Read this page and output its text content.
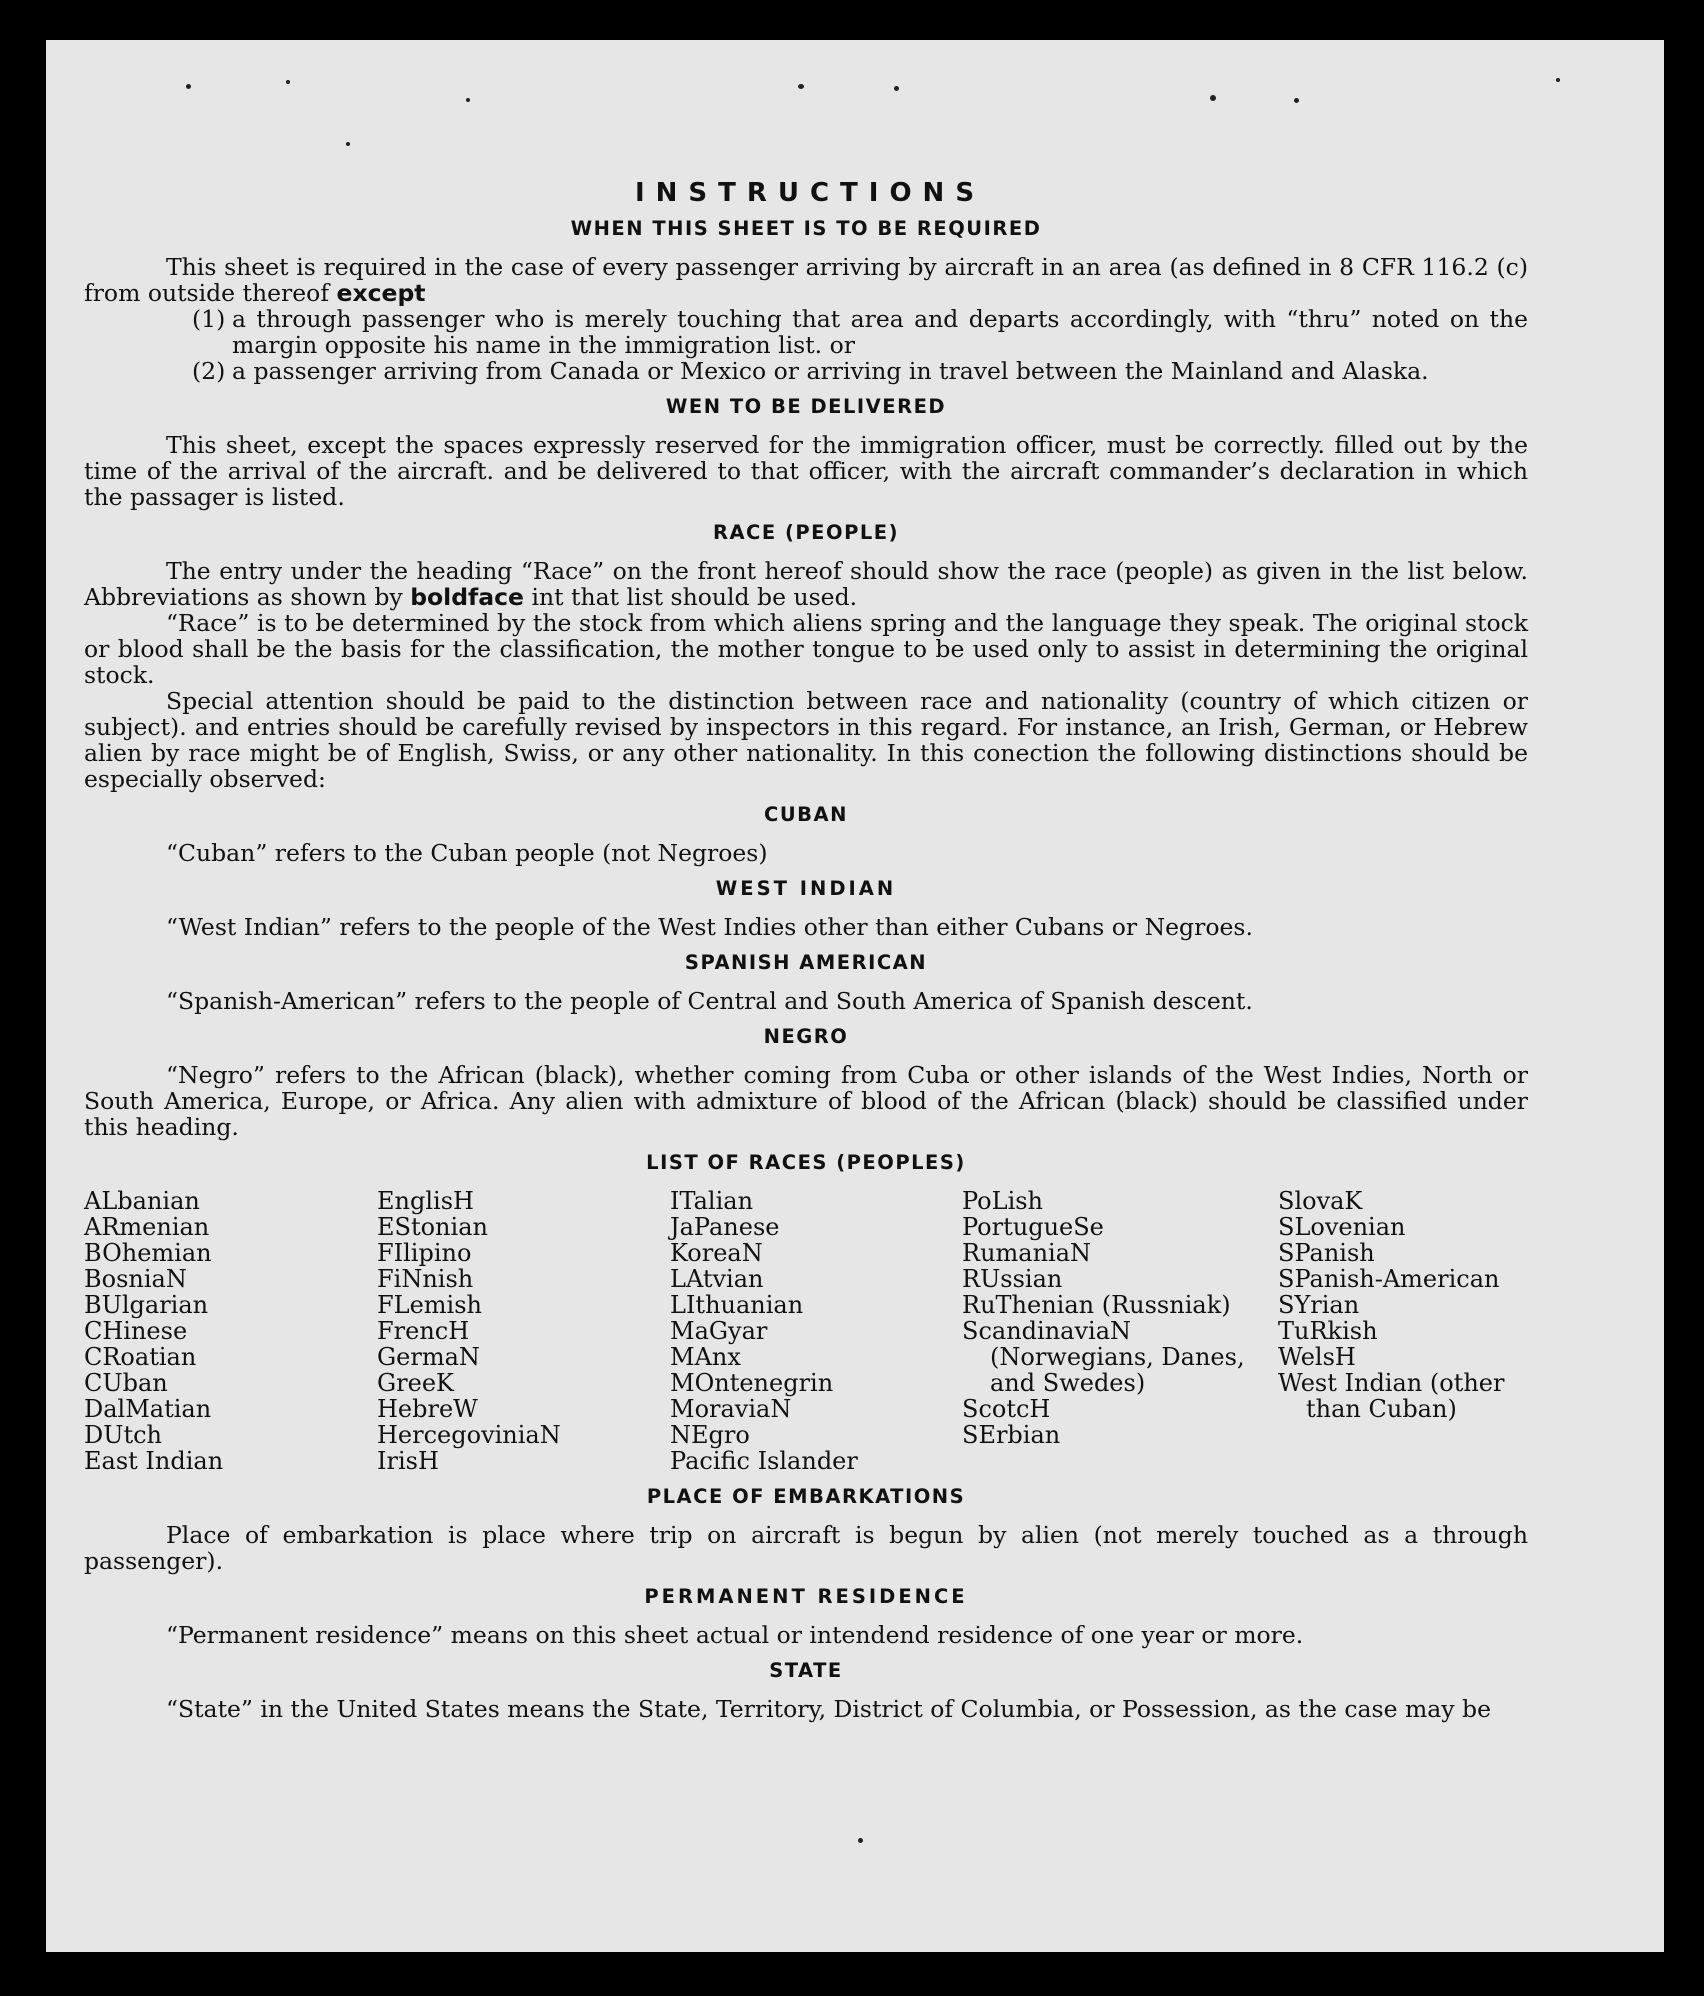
INSTRUCTIONS
WHEN THIS SHEET IS TO BE REQUIRED

This sheet is required in the case of every passenger arriving by aircraft in an area (as defined in 8 CFR 116.2 (c) from outside thereof except

(1) a through passenger who is merely touching that area and departs accordingly, with “thru” noted on the margin opposite his name in the immigration list. or
(2) a passenger arriving from Canada or Mexico or arriving in travel between the Mainland and Alaska.
WEN TO BE DELIVERED

This sheet, except the spaces expressly reserved for the immigration officer, must be correctly. filled out by the time of the arrival of the aircraft. and be delivered to that officer, with the aircraft commander’s declaration in which the passager is listed.

RACE (PEOPLE)

The entry under the heading “Race” on the front hereof should show the race (people) as given in the list below. Abbreviations as shown by boldface int that list should be used.

“Race” is to be determined by the stock from which aliens spring and the language they speak. The original stock or blood shall be the basis for the classification, the mother tongue to be used only to assist in determining the original stock.

Special attention should be paid to the distinction between race and nationality (country of which citizen or subject). and entries should be carefully revised by inspectors in this regard. For instance, an Irish, German, or Hebrew alien by race might be of English, Swiss, or any other nationality. In this conection the following distinctions should be especially observed:

CUBAN

“Cuban” refers to the Cuban people (not Negroes)

WEST INDIAN

“West Indian” refers to the people of the West Indies other than either Cubans or Negroes.

SPANISH AMERICAN

“Spanish-American” refers to the people of Central and South America of Spanish descent.

NEGRO

“Negro” refers to the African (black), whether coming from Cuba or other islands of the West Indies, North or South America, Europe, or Africa. Any alien with admixture of blood of the African (black) should be classified under this heading.

LIST OF RACES (PEOPLES)
ALbanian
ARmenian
BOhemian
BosniaN
BUlgarian
CHinese
CRoatian
CUban
DalMatian
DUtch
East Indian
EnglisH
EStonian
FIlipino
FiNnish
FLemish
FrencH
GermaN
GreeK
HebreW
HercegoviniaN
IrisH
ITalian
JaPanese
KoreaN
LAtvian
LIthuanian
MaGyar
MAnx
MOntenegrin
MoraviaN
NEgro
Pacific Islander
PoLish
PortugueSe
RumaniaN
RUssian
RuThenian (Russniak)
ScandinaviaN (Norwegians, Danes, and Swedes)
ScotcH
SErbian
SlovaK
SLovenian
SPanish
SPanish-American
SYrian
TuRkish
WelsH
West Indian (other than Cuban)
PLACE OF EMBARKATIONS

Place of embarkation is place where trip on aircraft is begun by alien (not merely touched as a through passenger).

PERMANENT RESIDENCE

“Permanent residence” means on this sheet actual or intendend residence of one year or more.

STATE

“State” in the United States means the State, Territory, District of Columbia, or Possession, as the case may be
